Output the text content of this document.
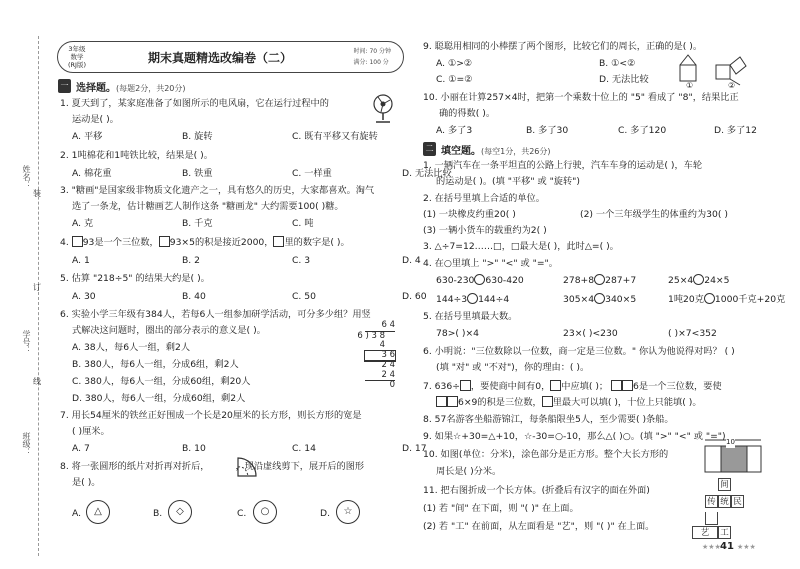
姓名：
学号：
班级：
装
订
线
3年级
数学
(RJ版)	期末真题精选改编卷（二）	时间: 70 分钟
满分: 100 分
一 选择题。(每题2分，共20分)
1. 夏天到了，某家庭准备了如图所示的电风扇，它在运行过程中的
运动是( )。
A. 平移	B. 旋转	C. 既有平移又有旋转
2. 1吨棉花和1吨铁比较，结果是( )。
A. 棉花重	B. 铁重	C. 一样重	D. 无法比较
3. "糖画"是国家级非物质文化遗产之一，具有悠久的历史，大家都喜欢。淘气
选了一条龙，估计糖画艺人制作这条 "糖画龙" 大约需要100( )糖。
A. 克	B. 千克	C. 吨
4. 93是一个三位数， 93×5的积是接近2000， 里的数字是( )。
A. 1	B. 2	C. 3	D. 4
5. 估算 "218÷5" 的结果大约是( )。
A. 30	B. 40	C. 50	D. 60
6. 实验小学三年级有384人，若每6人一组参加研学活动，可分多少组？用竖
式解决这问题时，圈出的部分表示的意义是( )。
A. 38人，每6人一组，剩2人
B. 380人，每6人一组，分成6组，剩2人
C. 380人，每6人一组，分成60组，剩20人
D. 380人，每6人一组，分成60组，剩2人
6 4
6 ) 3 8 4
3 6
2 4
2 4
0
7. 用长54厘米的铁丝正好围成一个长是20厘米的长方形，则长方形的宽是
( )厘米。
A. 7	B. 10	C. 14	D. 17
8. 将一张圆形的纸片对折再对折后，	，现沿虚线剪下，展开后的图形
是( )。
A.	△	B.	◇	C.	○	D.	☆
9. 聪聪用相同的小棒摆了两个图形，比较它们的周长，正确的是( )。
A. ①>②	B. ①<②
C. ①=②	D. 无法比较
①	②
10. 小丽在计算257×4时，把第一个乘数十位上的 "5" 看成了 "8"，结果比正
确的得数( )。
A. 多了3	B. 多了30	C. 多了120	D. 多了12
二 填空题。(每空1分，共26分)
1. 一辆汽车在一条平坦直的公路上行驶，汽车车身的运动是( )，车轮
的运动是( )。(填 "平移" 或 "旋转")
2. 在括号里填上合适的单位。
(1) 一块橡皮约重20( )	(2) 一个三年级学生的体重约为30( )
(3) 一辆小货车的载重约为2( )
3. △÷7=12……□，□最大是( )，此时△=( )。
4. 在○里填上 ">" "<" 或 "="。
630-230 630-420	278+8 287+7	25×4 24×5
144÷3 144÷4	305×4 340×5	1吨20克 1000千克+20克
5. 在括号里填最大数。
78>( )×4	23×( )<230	( )×7<352
6. 小明说："三位数除以一位数，商一定是三位数。" 你认为他说得对吗？ ( )
(填 "对" 或 "不对")，你的理由：( )。
7. 636÷ ，要使商中间有0， 中应填( )；	6是一个三位数，要使
6×9的积是三位数， 里最大可以填( )，十位上只能填( )。
8. 57名游客坐船游锦江，每条船限坐5人，至少需要( )条船。
9. 如果☆+30=△+10，☆-30=○-10，那么△( )○。(填 ">" "<" 或 "=")
10. 如图(单位：分米)，涂色部分是正方形。整个大长方形的
周长是( )分米。
10
11. 把右图折成一个长方体。(折叠后有汉字的面在外面)
(1) 若 "间" 在下面，则 "( )" 在上面。
(2) 若 "工" 在前面，从左面看是 "艺"，则 "( )" 在上面。
间
传 统 民
艺	工
★★★ 41 ★★★
